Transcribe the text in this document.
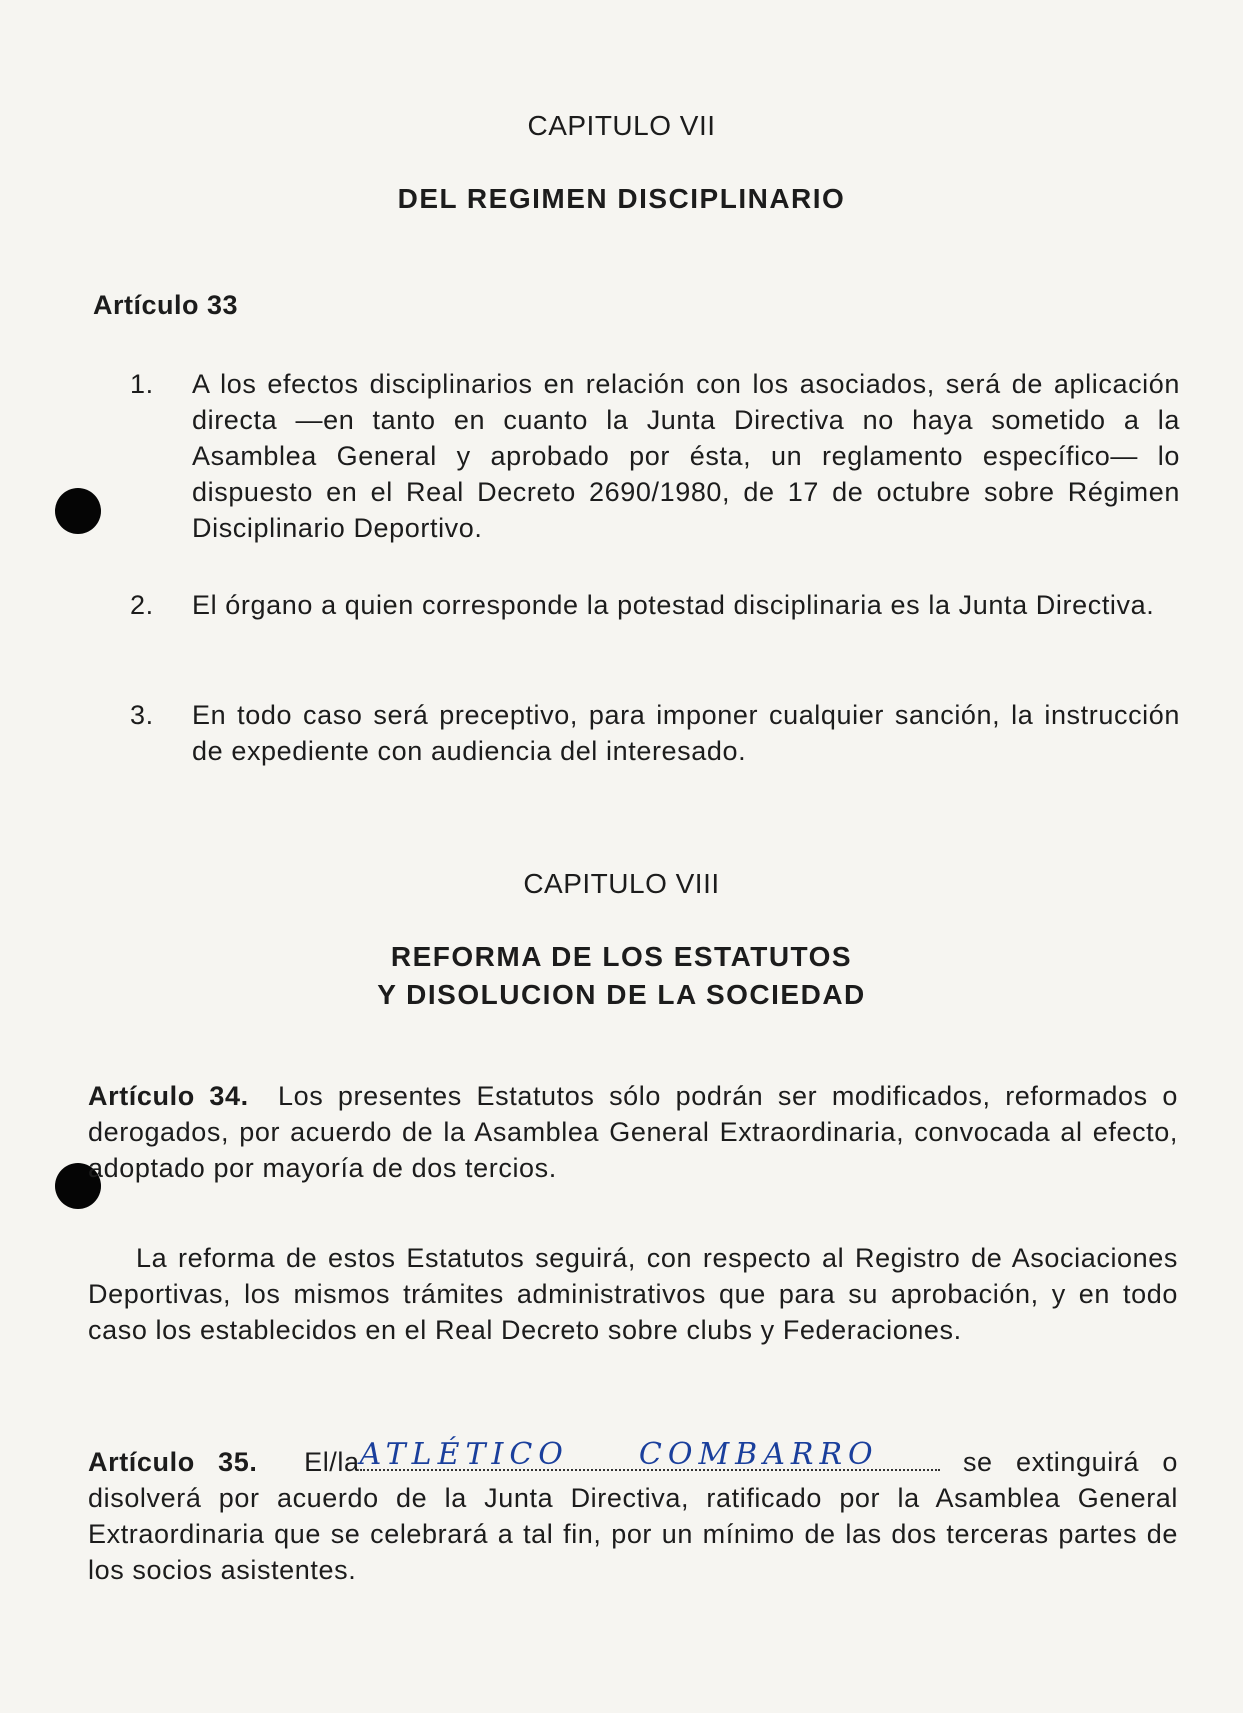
CAPITULO VII
DEL REGIMEN DISCIPLINARIO
Artículo 33
1.	A los efectos disciplinarios en relación con los asociados, será de aplicación directa —en tanto en cuanto la Junta Directiva no haya sometido a la Asamblea General y aprobado por ésta, un reglamento específico— lo dispuesto en el Real Decreto 2690/1980, de 17 de octubre sobre Régimen Disciplinario Deportivo.
2.	El órgano a quien corresponde la potestad disciplinaria es la Junta Directiva.
3.	En todo caso será preceptivo, para imponer cualquier sanción, la instrucción de expediente con audiencia del interesado.
CAPITULO VIII
REFORMA DE LOS ESTATUTOS
Y DISOLUCION DE LA SOCIEDAD
Artículo 34. Los presentes Estatutos sólo podrán ser modificados, reformados o derogados, por acuerdo de la Asamblea General Extraordinaria, convocada al efecto, adoptado por mayoría de dos tercios.
La reforma de estos Estatutos seguirá, con respecto al Registro de Asociaciones Deportivas, los mismos trámites administrativos que para su aprobación, y en todo caso los establecidos en el Real Decreto sobre clubs y Federaciones.
Artículo 35. El/la ATLÉTICO COMBARRO	se extinguirá o disolverá por acuerdo de la Junta Directiva, ratificado por la Asamblea General Extraordinaria que se celebrará a tal fin, por un mínimo de las dos terceras partes de los socios asistentes.
